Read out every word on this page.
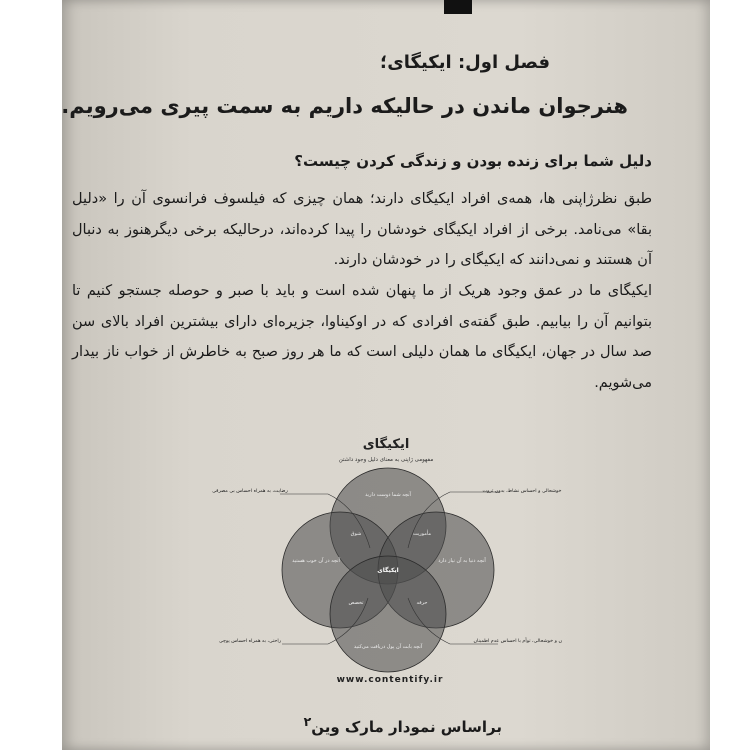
فصل اول: ایکیگای؛
هنرجوان ماندن در حالیکه داریم به سمت پیری می‌رویم.
دلیل شما برای زنده بودن و زندگی کردن چیست؟

طبق نظرژاپنی ها، همه‌ی افراد ایکیگای دارند؛ همان چیزی که فیلسوف فرانسوی آن را «دلیل بقا» می‌نامد. برخی از افراد ایکیگای خودشان را پیدا کرده‌اند، درحالیکه برخی دیگرهنوز به دنبال آن هستند و نمی‌دانند که ایکیگای را در خودشان دارند.

ایکیگای ما در عمق وجود هریک از ما پنهان شده است و باید با صبر و حوصله جستجو کنیم تا بتوانیم آن را بیابیم. طبق گفته‌ی افرادی که در اوکیناوا، جزیره‌ای دارای بیشترین افراد بالای سن صد سال در جهان، ایکیگای ما همان دلیلی است که ما هر روز صبح به خاطرش از خواب ناز بیدار می‌شویم.

ایکیگای
مفهومی ژاپنی به معنای دلیل وجود داشتن
آنچه شما دوست دارید
آنچه در آن خوب هستید	آنچه دنیا به آن نیاز دارد
آنچه بابت آن پول دریافت می‌کنید
شوق	مأموریت
حرفه
تخصص
ایکیگای
رضایت، به همراه احساس بی مصرفی	خوشحالی و احساس نشاط، بدون ثروت
راحتی، به همراه احساس پوچی	هیجان و خوشحالی، توأم با احساس عدم اطمینان
www.contentify.ir
براساس نمودار مارک وین$^۲$
